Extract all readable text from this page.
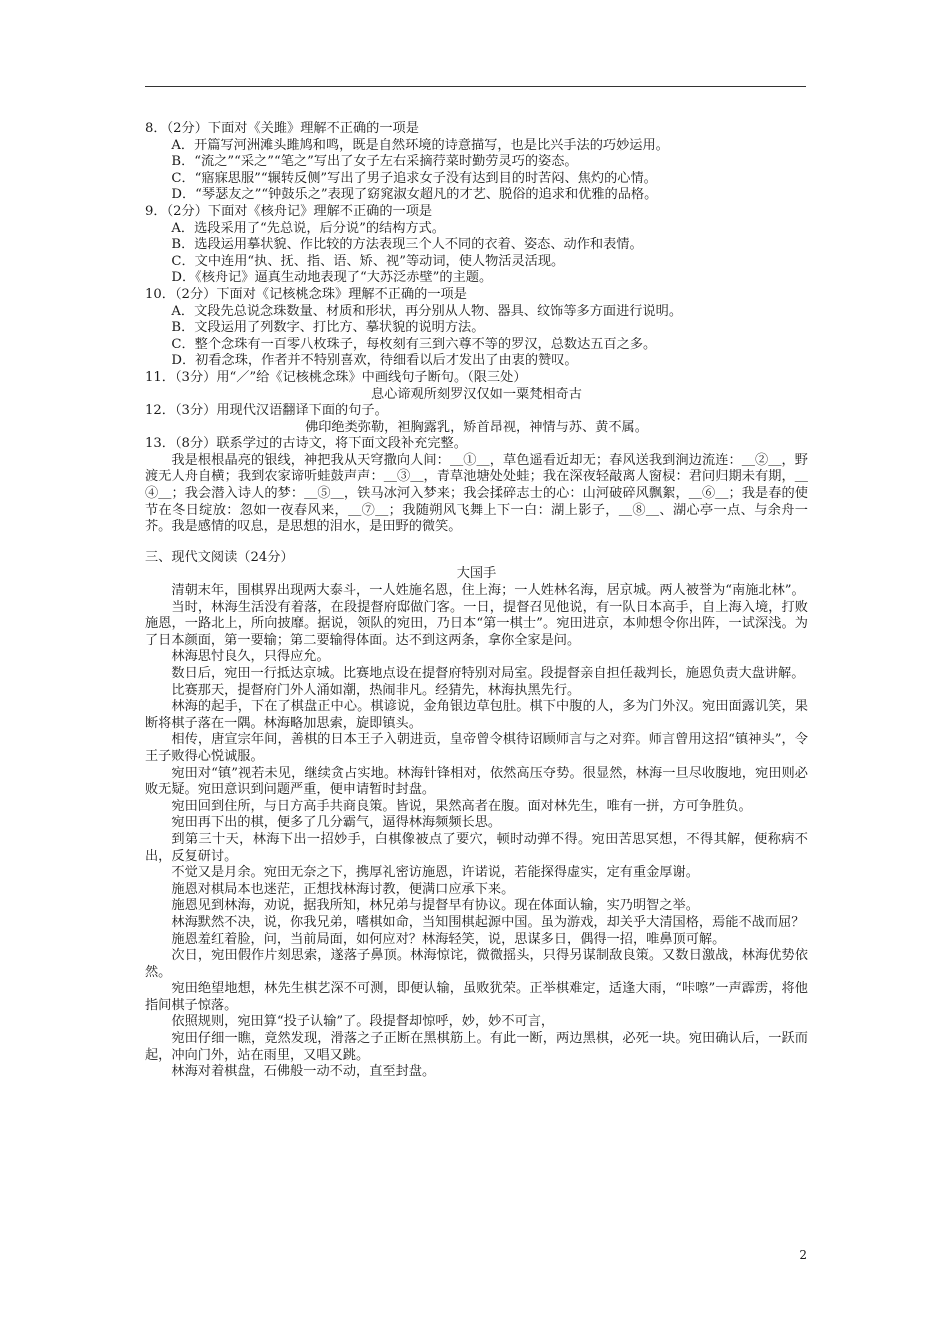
8．（2分）下面对《关雎》理解不正确的一项是
A．开篇写河洲滩头雎鸠和鸣，既是自然环境的诗意描写，也是比兴手法的巧妙运用。
B．“流之”“采之”“笔之”写出了女子左右采摘荇菜时勤劳灵巧的姿态。
C．“寤寐思服”“辗转反侧”写出了男子追求女子没有达到目的时苦闷、焦灼的心情。
D．“琴瑟友之”“钟鼓乐之”表现了窈窕淑女超凡的才艺、脱俗的追求和优雅的品格。
9．（2分）下面对《核舟记》理解不正确的一项是
A．选段采用了“先总说，后分说”的结构方式。
B．选段运用摹状貌、作比较的方法表现三个人不同的衣着、姿态、动作和表情。
C．文中连用“执、抚、指、语、矫、视”等动词，使人物活灵活现。
D．《核舟记》逼真生动地表现了“大苏泛赤壁”的主题。
10．（2分）下面对《记核桃念珠》理解不正确的一项是
A．文段先总说念珠数量、材质和形状，再分别从人物、器具、纹饰等多方面进行说明。
B．文段运用了列数字、打比方、摹状貌的说明方法。
C．整个念珠有一百零八枚珠子，每枚刻有三到六尊不等的罗汉，总数达五百之多。
D．初看念珠，作者并不特别喜欢，待细看以后才发出了由衷的赞叹。
11．（3分）用“／”给《记核桃念珠》中画线句子断句。（限三处）
息心谛观所刻罗汉仅如一粟梵相奇古
12．（3分）用现代汉语翻译下面的句子。
佛印绝类弥勒，袒胸露乳，矫首昂视，神情与苏、黄不属。
13．（8分）联系学过的古诗文，将下面文段补充完整。
我是根根晶亮的银线，神把我从天穹撒向人间：＿①＿，草色遥看近却无；春风送我到涧边流连：＿②＿，野渡无人舟自横；我到农家谛听蛙鼓声声：＿③＿，青草池塘处处蛙；我在深夜轻敲离人窗棂：君问归期未有期，＿④＿；我会潜入诗人的梦：＿⑤＿，铁马冰河入梦来；我会揉碎志士的心：山河破碎风飘絮，＿⑥＿；我是春的使节在冬日绽放：忽如一夜春风来，＿⑦＿；我随朔风飞舞上下一白：湖上影子，＿⑧＿、湖心亭一点、与余舟一芥。我是感情的叹息，是思想的泪水，是田野的微笑。
三、现代文阅读（24分）
大国手
清朝末年，围棋界出现两大泰斗，一人姓施名恩，住上海；一人姓林名海，居京城。两人被誉为“南施北林”。
当时，林海生活没有着落，在段提督府邸做门客。一日，提督召见他说，有一队日本高手，自上海入境，打败施恩，一路北上，所向披靡。据说，领队的宛田，乃日本“第一棋士”。宛田进京，本帅想令你出阵，一试深浅。为了日本颜面，第一要输；第二要输得体面。达不到这两条，拿你全家是问。
林海思忖良久，只得应允。
数日后，宛田一行抵达京城。比赛地点设在提督府特别对局室。段提督亲自担任裁判长，施恩负责大盘讲解。
比赛那天，提督府门外人涌如潮，热闹非凡。经猜先，林海执黑先行。
林海的起手，下在了棋盘正中心。棋谚说，金角银边草包肚。棋下中腹的人，多为门外汉。宛田面露讥笑，果断将棋子落在一隅。林海略加思索，旋即镇头。
相传，唐宣宗年间，善棋的日本王子入朝进贡，皇帝曾令棋待诏顾师言与之对弈。师言曾用这招“镇神头”，令王子败得心悦诚服。
宛田对“镇”视若未见，继续贪占实地。林海针锋相对，依然高压夺势。很显然，林海一旦尽收腹地，宛田则必败无疑。宛田意识到问题严重，便申请暂时封盘。
宛田回到住所，与日方高手共商良策。皆说，果然高者在腹。面对林先生，唯有一拼，方可争胜负。
宛田再下出的棋，便多了几分霸气，逼得林海频频长思。
到第三十天，林海下出一招妙手，白棋像被点了要穴，顿时动弹不得。宛田苦思冥想，不得其解，便称病不出，反复研讨。
不觉又是月余。宛田无奈之下，携厚礼密访施恩，许诺说，若能探得虚实，定有重金厚谢。
施恩对棋局本也迷茫，正想找林海讨教，便满口应承下来。
施恩见到林海，劝说，据我所知，林兄弟与提督早有协议。现在体面认输，实乃明智之举。
林海默然不决，说，你我兄弟，嗜棋如命，当知围棋起源中国。虽为游戏，却关乎大清国格，焉能不战而屈？
施恩羞红着脸，问，当前局面，如何应对？林海轻笑，说，思谋多日，偶得一招，唯鼻顶可解。
次日，宛田假作片刻思索，遂落子鼻顶。林海惊诧，微微摇头，只得另谋制敌良策。又数日激战，林海优势依然。
宛田绝望地想，林先生棋艺深不可测，即便认输，虽败犹荣。正举棋难定，适逢大雨，“咔嚓”一声霹雳，将他指间棋子惊落。
依照规则，宛田算“投子认输”了。段提督却惊呼，妙，妙不可言，
宛田仔细一瞧，竟然发现，滑落之子正断在黑棋筋上。有此一断，两边黑棋，必死一块。宛田确认后，一跃而起，冲向门外，站在雨里，又唱又跳。
林海对着棋盘，石佛般一动不动，直至封盘。
2
